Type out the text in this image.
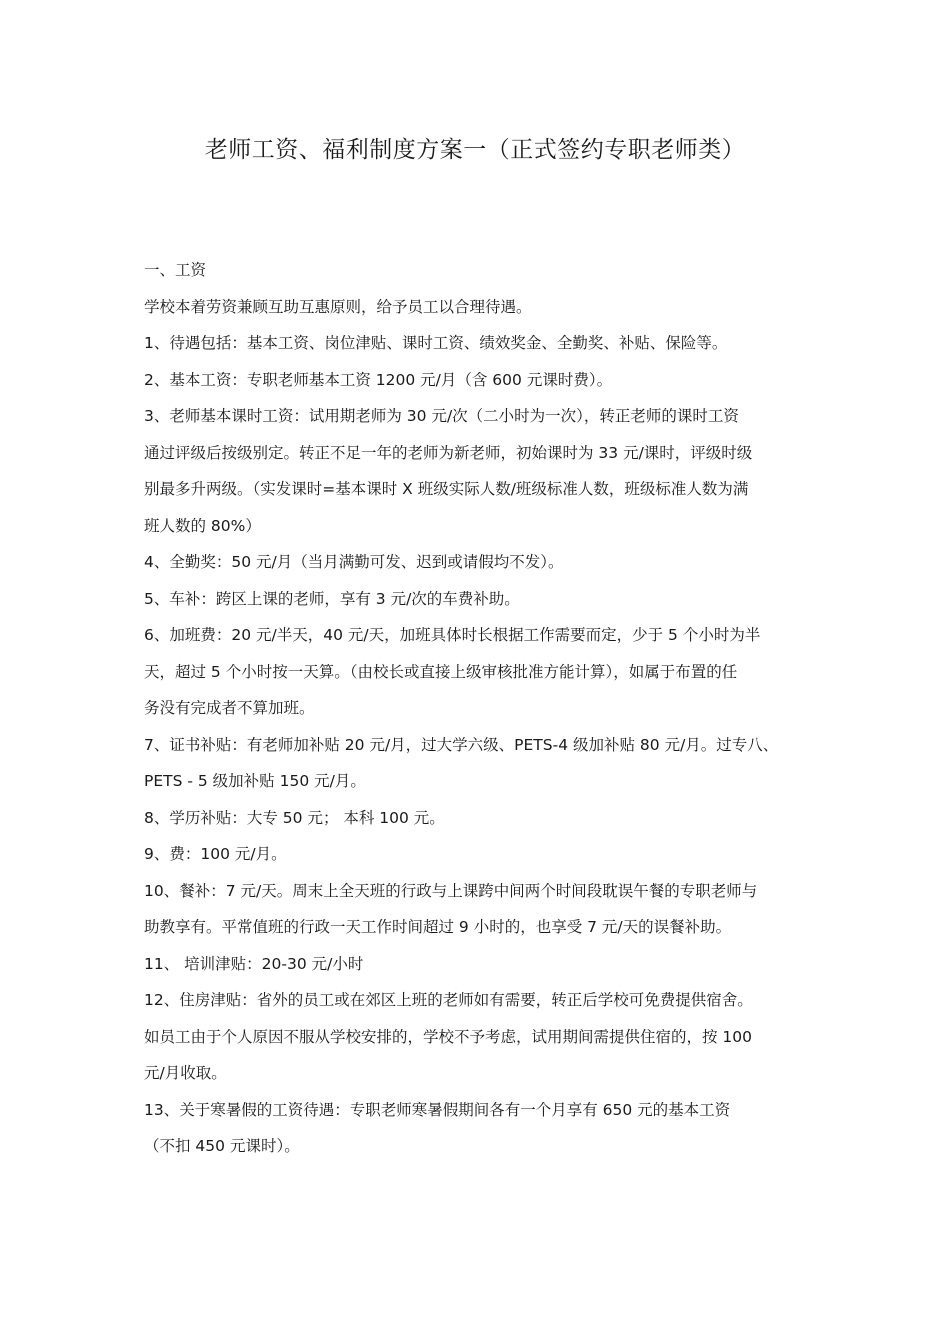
老师工资、福利制度方案一（正式签约专职老师类）

一、工资

学校本着劳资兼顾互助互惠原则，给予员工以合理待遇。

1、待遇包括：基本工资、岗位津贴、课时工资、绩效奖金、全勤奖、补贴、保险等。

2、基本工资：专职老师基本工资 1200 元/月（含 600 元课时费）。

3、老师基本课时工资：试用期老师为 30 元/次（二小时为一次），转正老师的课时工资

通过评级后按级别定。转正不足一年的老师为新老师，初始课时为 33 元/课时，评级时级

别最多升两级。（实发课时=基本课时 X 班级实际人数/班级标准人数，班级标准人数为满

班人数的 80%）

4、全勤奖：50 元/月（当月满勤可发、迟到或请假均不发）。

5、车补：跨区上课的老师，享有 3 元/次的车费补助。

6、加班费：20 元/半天，40 元/天，加班具体时长根据工作需要而定，少于 5 个小时为半

天，超过 5 个小时按一天算。（由校长或直接上级审核批准方能计算），如属于布置的任

务没有完成者不算加班。

7、证书补贴：有老师加补贴 20 元/月，过大学六级、PETS-4 级加补贴 80 元/月。过专八、

PETS - 5 级加补贴 150 元/月。

8、学历补贴：大专 50 元； 本科 100 元。

9、费：100 元/月。

10、餐补：7 元/天。周末上全天班的行政与上课跨中间两个时间段耽误午餐的专职老师与

助教享有。平常值班的行政一天工作时间超过 9 小时的，也享受 7 元/天的误餐补助。

11、 培训津贴：20-30 元/小时

12、住房津贴：省外的员工或在郊区上班的老师如有需要，转正后学校可免费提供宿舍。

如员工由于个人原因不服从学校安排的，学校不予考虑，试用期间需提供住宿的，按 100

元/月收取。

13、关于寒暑假的工资待遇：专职老师寒暑假期间各有一个月享有 650 元的基本工资

（不扣 450 元课时）。
